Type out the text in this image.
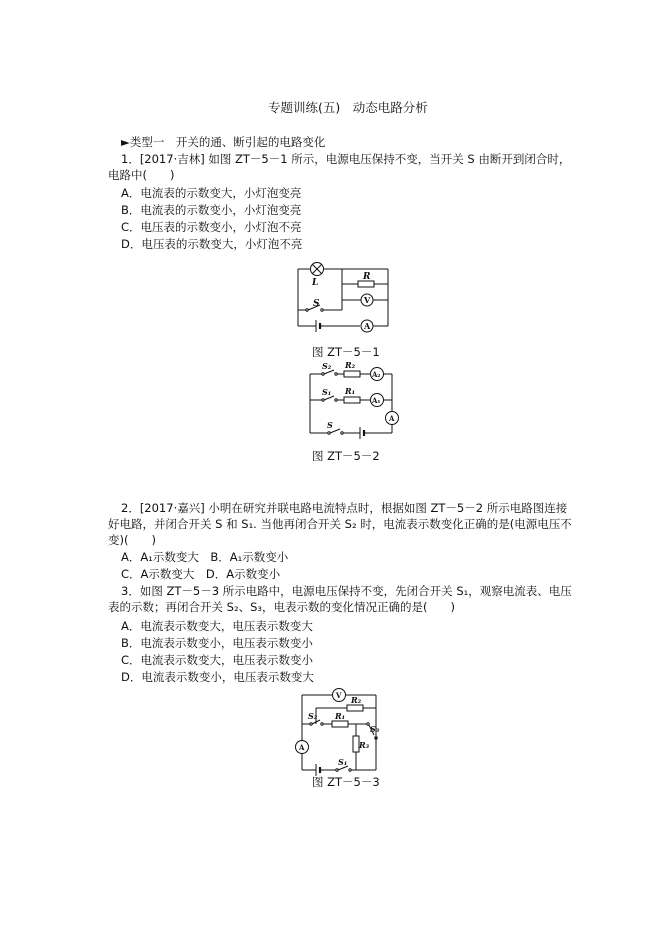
专题训练(五)　动态电路分析
►类型一　开关的通、断引起的电路变化
1．[2017·吉林] 如图 ZT－5－1 所示，电源电压保持不变，当开关 S 由断开到闭合时，
电路中(　　)
A．电流表的示数变大，小灯泡变亮
B．电流表的示数变小，小灯泡变亮
C．电压表的示数变小，小灯泡不亮
D．电压表的示数变大，小灯泡不亮
L
R
V
S
A
图 ZT－5－1
S₂ R₂
A₂
S₁ R₁
A₁
A
S
图 ZT－5－2
2．[2017·嘉兴] 小明在研究并联电路电流特点时，根据如图 ZT－5－2 所示电路图连接
好电路，并闭合开关 S 和 S₁. 当他再闭合开关 S₂ 时，电流表示数变化正确的是(电源电压不
变)(　　)
A．A₁示数变大　B．A₁示数变小
C．A示数变大　D．A示数变小
3．如图 ZT－5－3 所示电路中，电源电压保持不变，先闭合开关 S₁，观察电流表、电压
表的示数；再闭合开关 S₂、S₃，电表示数的变化情况正确的是(　　)
A．电流表示数变大，电压表示数变大
B．电流表示数变小，电压表示数变小
C．电流表示数变大，电压表示数变小
D．电流表示数变小，电压表示数变大
V R₂
S₂ R₁
A	R₃
S₃
S₁
图 ZT－5－3
